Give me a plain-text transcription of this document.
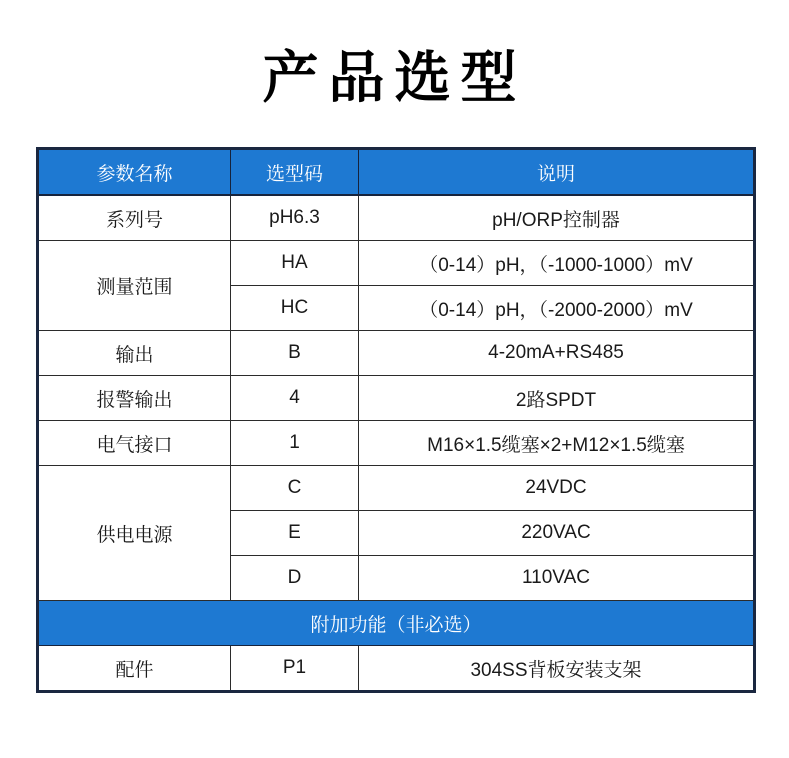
产品选型
参数名称	选型码	说明
系列号	pH6.3	pH/ORP控制器
测量范围	HA	（0-14）pH，（-1000-1000）mV
	HC	（0-14）pH，（-2000-2000）mV
输出	B	4-20mA+RS485
报警输出	4	2路SPDT
电气接口	1	M16×1.5缆塞×2+M12×1.5缆塞
供电电源	C	24VDC
	E	220VAC
	D	110VAC
附加功能（非必选）		
配件	P1	304SS背板安装支架
